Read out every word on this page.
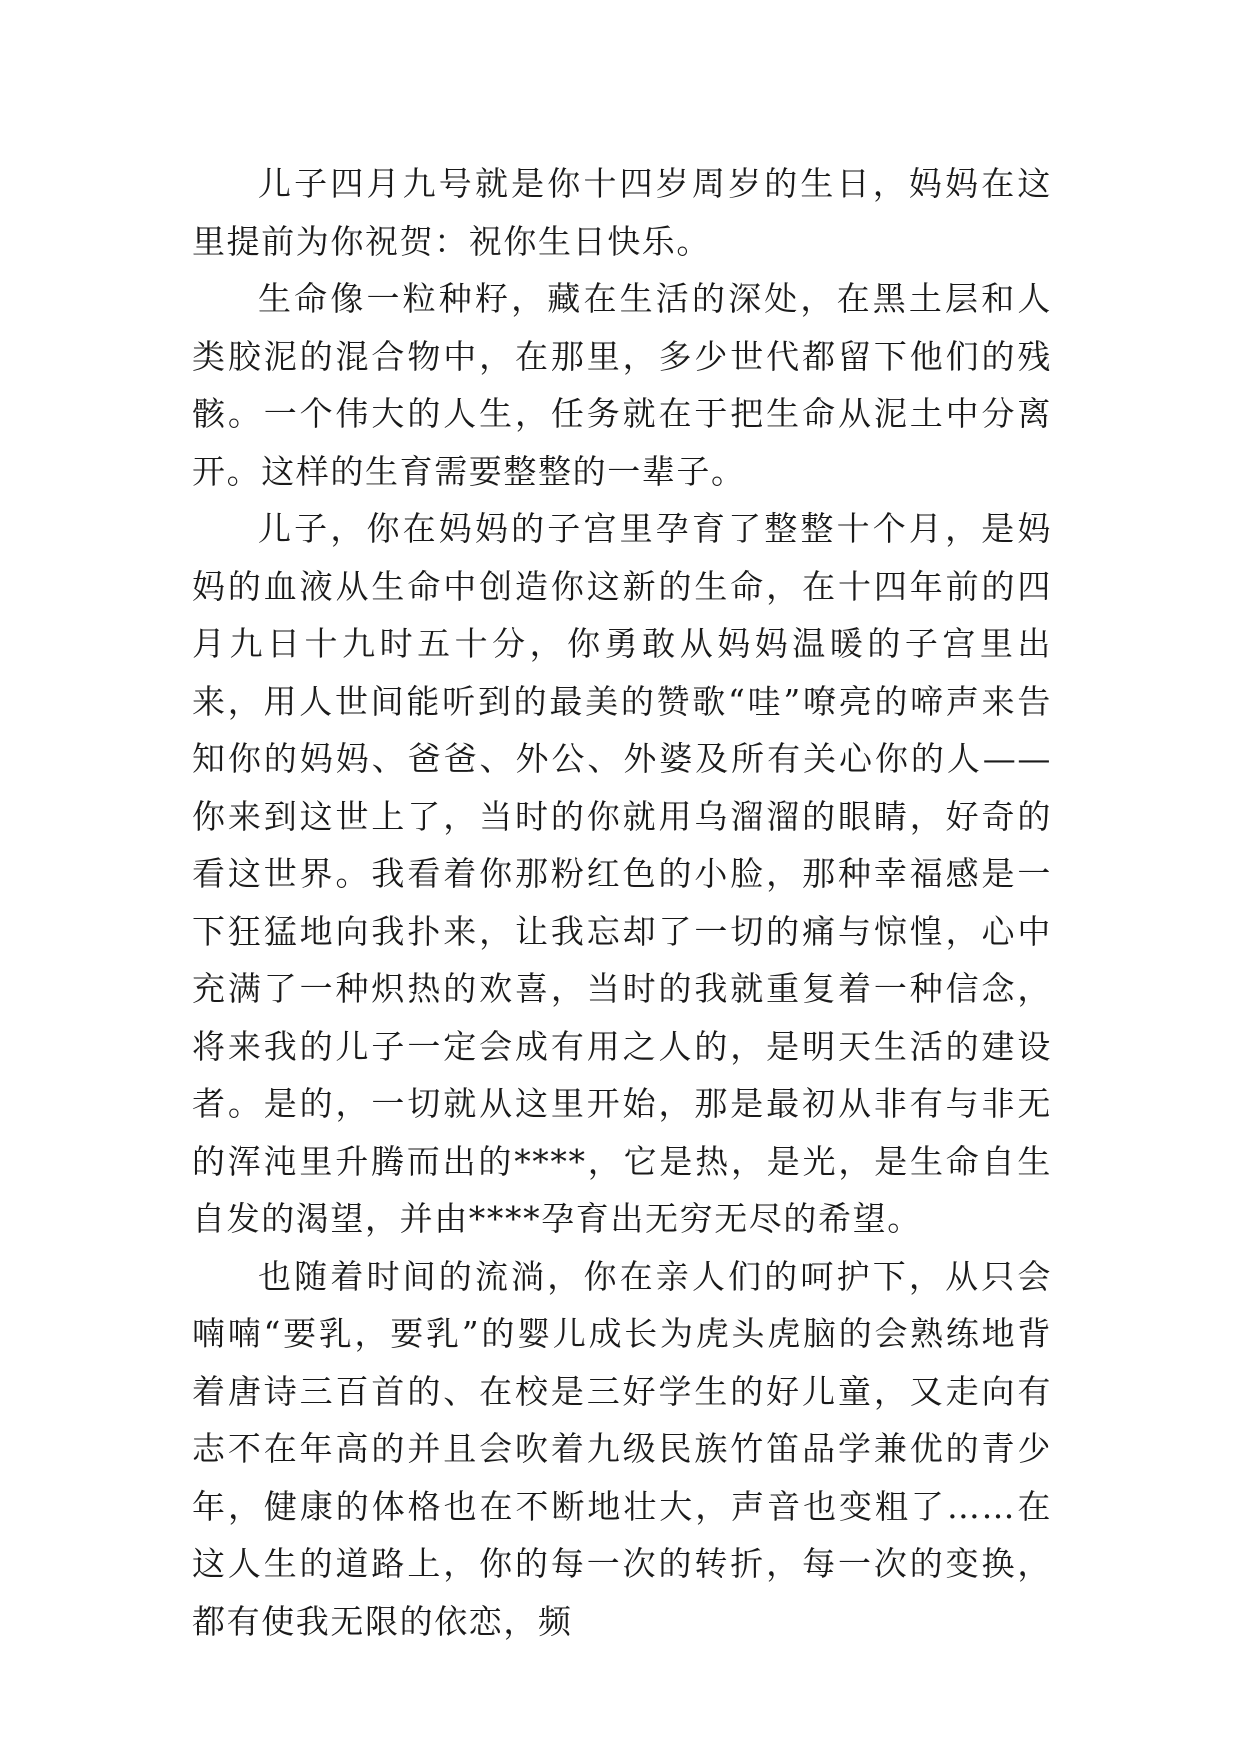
儿子四月九号就是你十四岁周岁的生日，妈妈在这里提前为你祝贺：祝你生日快乐。

生命像一粒种籽，藏在生活的深处，在黑土层和人类胶泥的混合物中，在那里，多少世代都留下他们的残骸。一个伟大的人生，任务就在于把生命从泥土中分离开。这样的生育需要整整的一辈子。

儿子，你在妈妈的子宫里孕育了整整十个月，是妈妈的血液从生命中创造你这新的生命，在十四年前的四月九日十九时五十分，你勇敢从妈妈温暖的子宫里出来，用人世间能听到的最美的赞歌“哇”嘹亮的啼声来告知你的妈妈、爸爸、外公、外婆及所有关心你的人——你来到这世上了，当时的你就用乌溜溜的眼睛，好奇的看这世界。我看着你那粉红色的小脸，那种幸福感是一下狂猛地向我扑来，让我忘却了一切的痛与惊惶，心中充满了一种炽热的欢喜，当时的我就重复着一种信念，将来我的儿子一定会成有用之人的，是明天生活的建设者。是的，一切就从这里开始，那是最初从非有与非无的浑沌里升腾而出的****，它是热，是光，是生命自生自发的渴望，并由****孕育出无穷无尽的希望。

也随着时间的流淌，你在亲人们的呵护下，从只会喃喃“要乳，要乳”的婴儿成长为虎头虎脑的会熟练地背着唐诗三百首的、在校是三好学生的好儿童，又走向有志不在年高的并且会吹着九级民族竹笛品学兼优的青少年，健康的体格也在不断地壮大，声音也变粗了……在这人生的道路上，你的每一次的转折，每一次的变换，都有使我无限的依恋，频
